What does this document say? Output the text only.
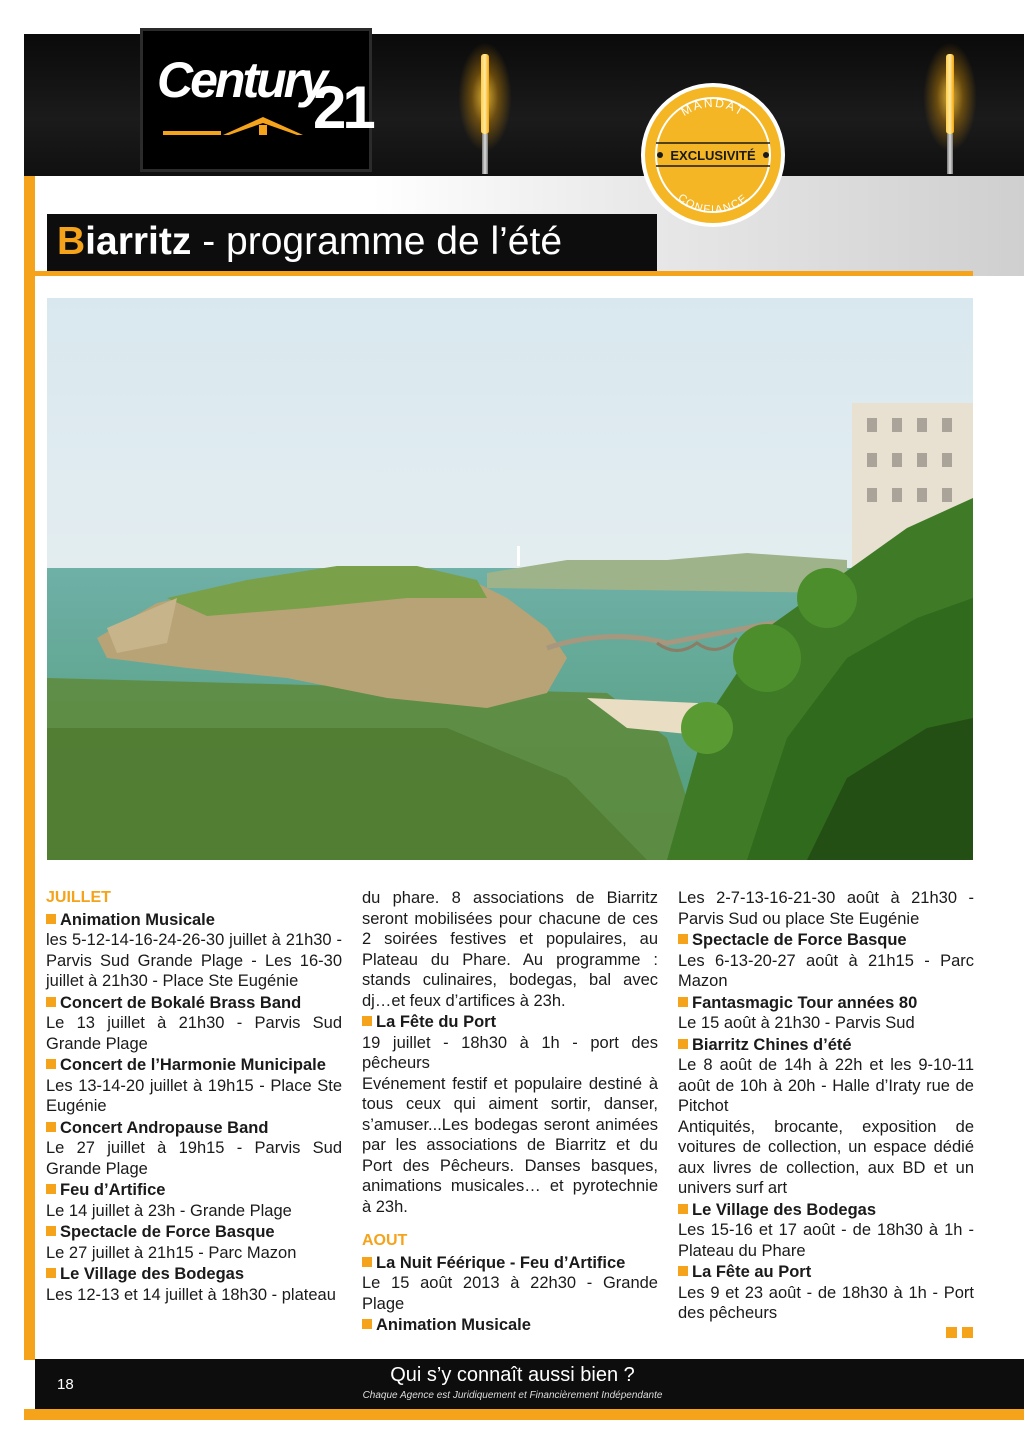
Century
21	MANDAT
CONFIANCE
EXCLUSIVITÉ
Biarritz - programme de l’été
JUILLET
Animation Musicale
les 5-12-14-16-24-26-30 juillet à 21h30 - Parvis Sud Grande Plage - Les 16-30 juillet à 21h30 - Place Ste Eugénie
Concert de Bokalé Brass Band
Le 13 juillet à 21h30 - Parvis Sud Grande Plage
Concert de l’Harmonie Municipale
Les 13-14-20 juillet à 19h15 - Place Ste Eugénie
Concert Andropause Band
Le 27 juillet à 19h15 - Parvis Sud Grande Plage
Feu d’Artifice
Le 14 juillet à 23h - Grande Plage
Spectacle de Force Basque
Le 27 juillet à 21h15 - Parc Mazon
Le Village des Bodegas
Les 12-13 et 14 juillet à 18h30 - plateau
du phare. 8 associations de Biarritz seront mobilisées pour chacune de ces 2 soirées festives et populaires, au Plateau du Phare. Au programme : stands culinaires, bodegas, bal avec dj…et feux d’artifices à 23h.
La Fête du Port
19 juillet - 18h30 à 1h - port des pêcheurs
Evénement festif et populaire destiné à tous ceux qui aiment sortir, danser, s’amuser...Les bodegas seront animées par les associations de Biarritz et du Port des Pêcheurs. Danses basques, animations musicales… et pyrotechnie à 23h.
AOUT
La Nuit Féérique - Feu d’Artifice
Le 15 août 2013 à 22h30 - Grande Plage
Animation Musicale
Les 2-7-13-16-21-30 août à 21h30 - Parvis Sud ou place Ste Eugénie
Spectacle de Force Basque
Les 6-13-20-27 août à 21h15 - Parc Mazon
Fantasmagic Tour années 80
Le 15 août à 21h30 - Parvis Sud
Biarritz Chines d’été
Le 8 août de 14h à 22h et les 9-10-11 août de 10h à 20h - Halle d’Iraty rue de Pitchot
Antiquités, brocante, exposition de voitures de collection, un espace dédié aux livres de collection, aux BD et un univers surf art
Le Village des Bodegas
Les 15-16 et 17 août - de 18h30 à 1h - Plateau du Phare
La Fête au Port
Les 9 et 23 août - de 18h30 à 1h - Port des pêcheurs
18	Qui s’y connaît aussi bien ?
Chaque Agence est Juridiquement et Financièrement Indépendante
